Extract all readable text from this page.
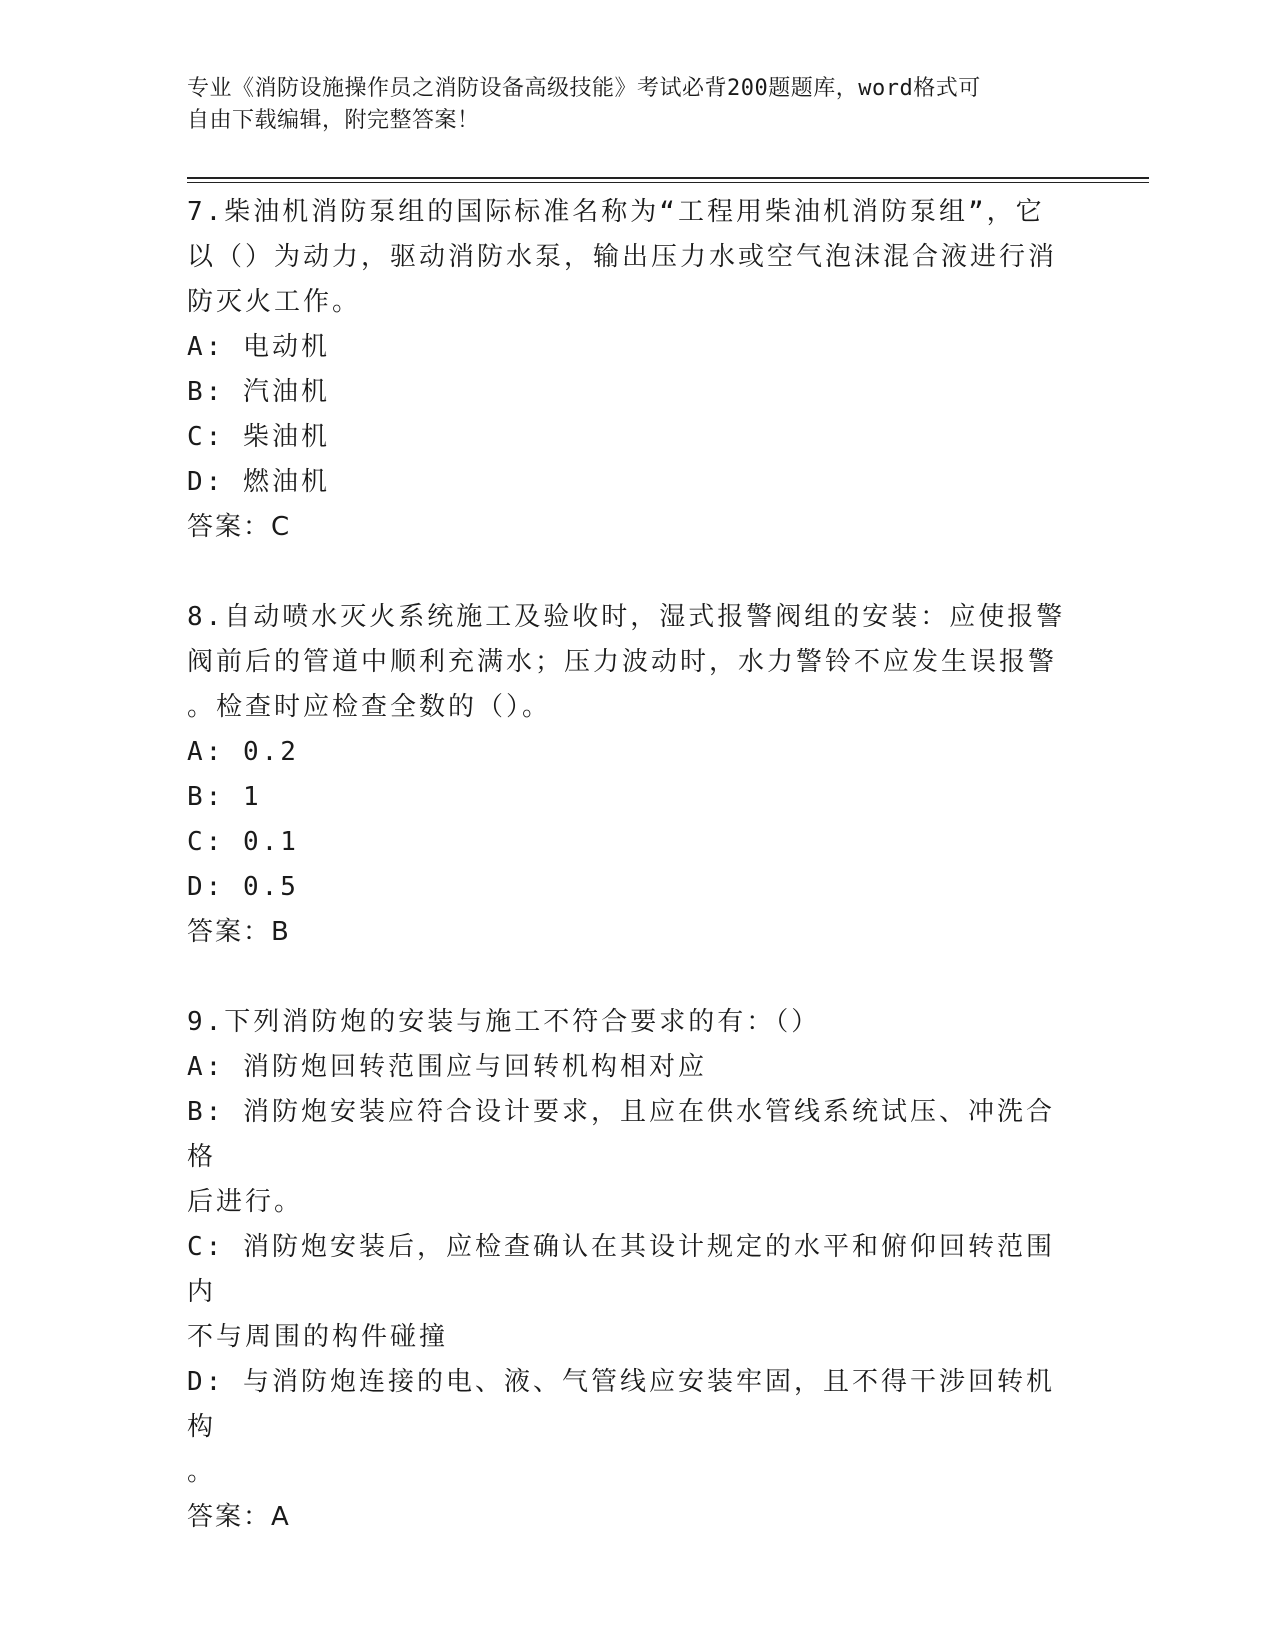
专业《消防设施操作员之消防设备高级技能》考试必背200题题库，word格式可
自由下载编辑，附完整答案！
7.柴油机消防泵组的国际标准名称为“工程用柴油机消防泵组”，它
以（）为动力，驱动消防水泵，输出压力水或空气泡沫混合液进行消
防灭火工作。
A: 电动机
B: 汽油机
C: 柴油机
D: 燃油机
答案：C
8.自动喷水灭火系统施工及验收时，湿式报警阀组的安装：应使报警
阀前后的管道中顺利充满水；压力波动时，水力警铃不应发生误报警
。检查时应检查全数的（）。
A: 0.2
B: 1
C: 0.1
D: 0.5
答案：B
9.下列消防炮的安装与施工不符合要求的有：（）
A: 消防炮回转范围应与回转机构相对应
B: 消防炮安装应符合设计要求，且应在供水管线系统试压、冲洗合格
后进行。
C: 消防炮安装后，应检查确认在其设计规定的水平和俯仰回转范围内
不与周围的构件碰撞
D: 与消防炮连接的电、液、气管线应安装牢固，且不得干涉回转机构
。
答案：A
